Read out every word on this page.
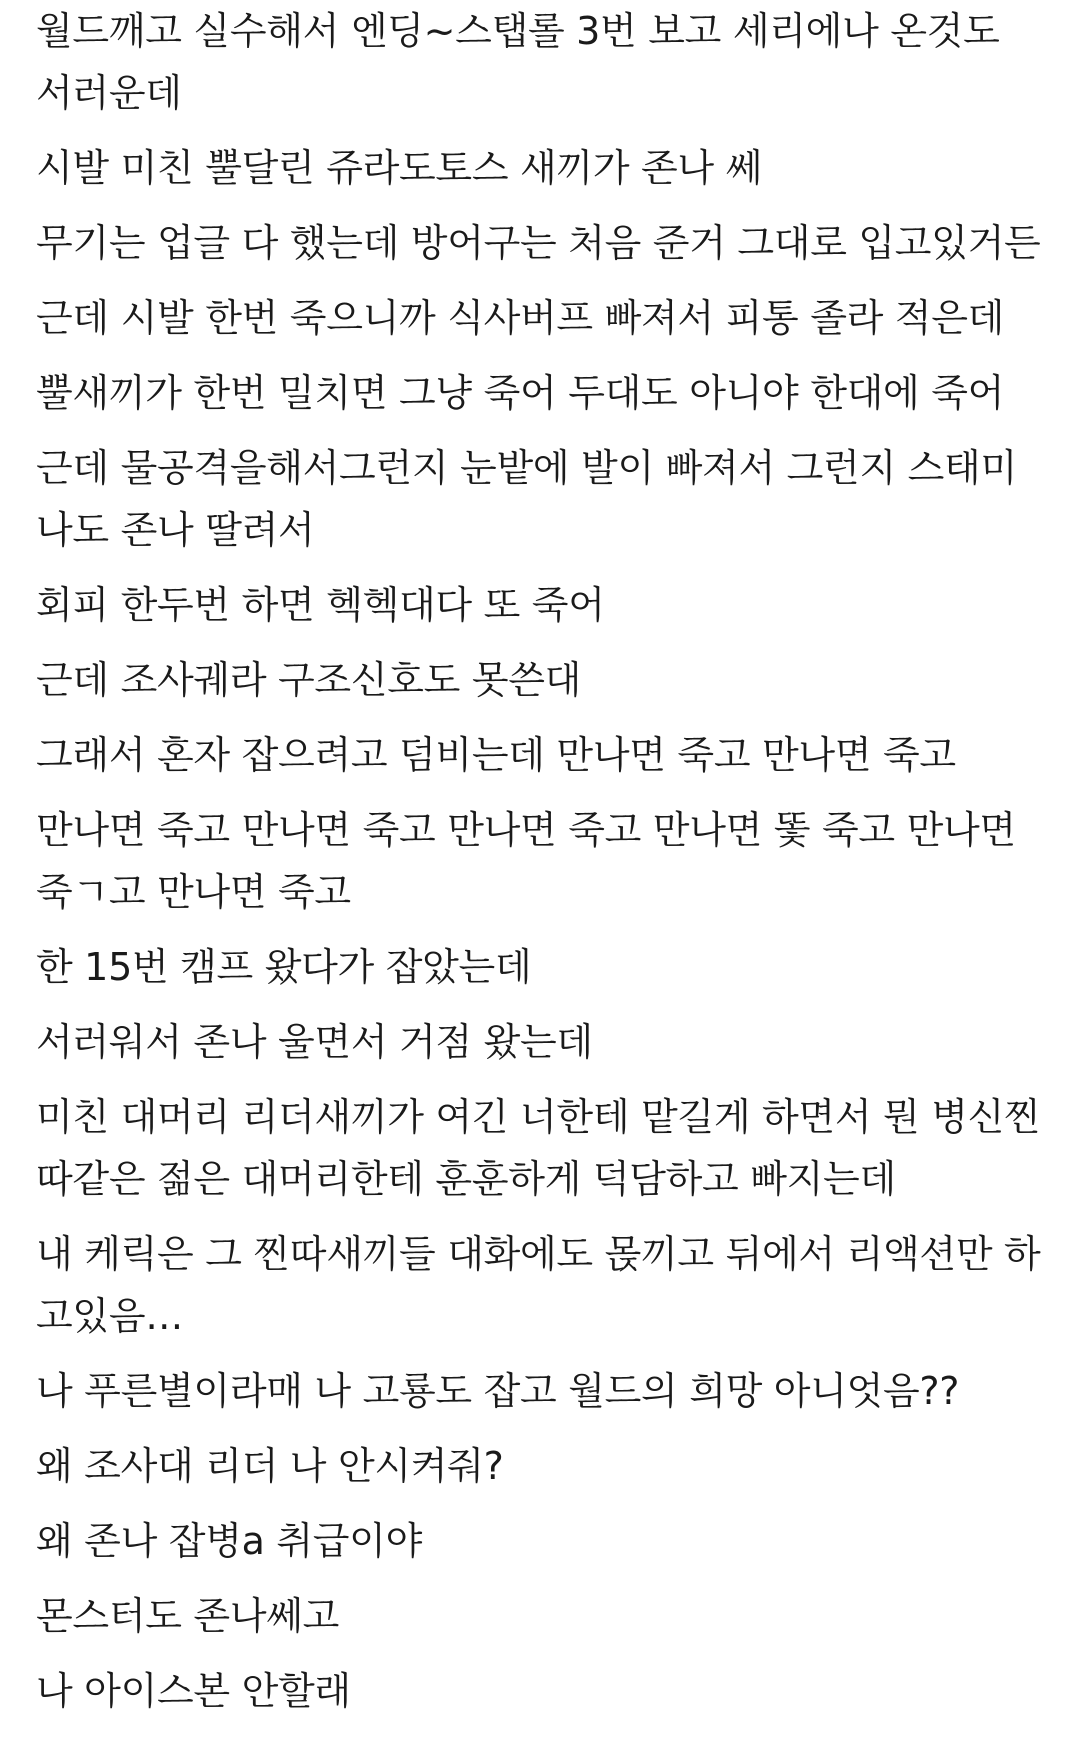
월드깨고 실수해서 엔딩~스탭롤 3번 보고 세리에나 온것도 서러운데

시발 미친 뿔달린 쥬라도토스 새끼가 존나 쎄

무기는 업글 다 했는데 방어구는 처음 준거 그대로 입고있거든

근데 시발 한번 죽으니까 식사버프 빠져서 피통 졸라 적은데

뿔새끼가 한번 밀치면 그냥 죽어 두대도 아니야 한대에 죽어

근데 물공격을해서그런지 눈밭에 발이 빠져서 그런지 스태미나도 존나 딸려서

회피 한두번 하면 헥헥대다 또 죽어

근데 조사궤라 구조신호도 못쓴대

그래서 혼자 잡으려고 덤비는데 만나면 죽고 만나면 죽고

만나면 죽고 만나면 죽고 만나면 죽고 만나면 똧 죽고 만나면 죽ㄱ고 만나면 죽고

한 15번 캠프 왔다가 잡았는데

서러워서 존나 울면서 거점 왔는데

미친 대머리 리더새끼가 여긴 너한테 맡길게 하면서 뭔 병신찐따같은 젊은 대머리한테 훈훈하게 덕담하고 빠지는데

내 케릭은 그 찐따새끼들 대화에도 몭끼고 뒤에서 리액션만 하고있음…

나 푸른별이라매 나 고룡도 잡고 월드의 희망 아니엇음??

왜 조사대 리더 나 안시켜줘?

왜 존나 잡병a 취급이야

몬스터도 존나쎄고

나 아이스본 안할래
